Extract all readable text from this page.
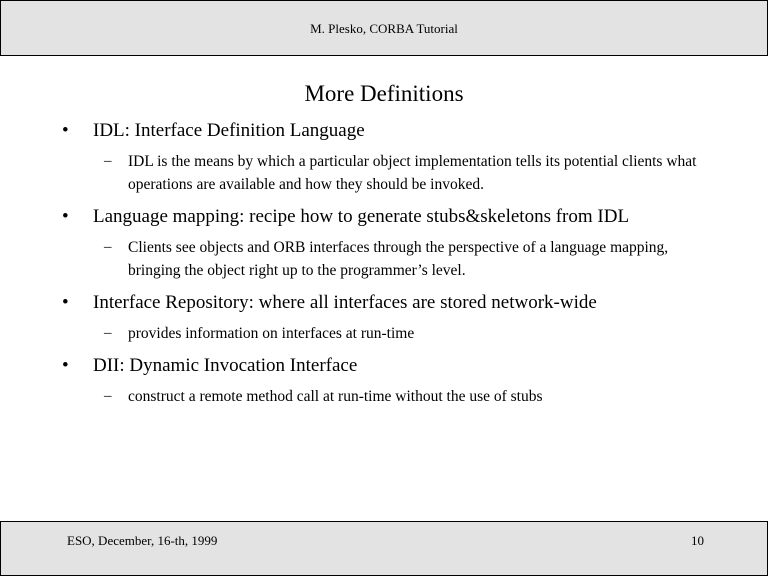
M. Plesko, CORBA Tutorial
More Definitions
• IDL: Interface Definition Language
– IDL is the means by which a particular object implementation tells its potential clients what operations are available and how they should be invoked.
• Language mapping: recipe how to generate stubs&skeletons from IDL
– Clients see objects and ORB interfaces through the perspective of a language mapping, bringing the object right up to the programmer’s level.
• Interface Repository: where all interfaces are stored network-wide
– provides information on interfaces at run-time
• DII: Dynamic Invocation Interface
– construct a remote method call at run-time without the use of stubs
ESO, December, 16-th, 1999	10
